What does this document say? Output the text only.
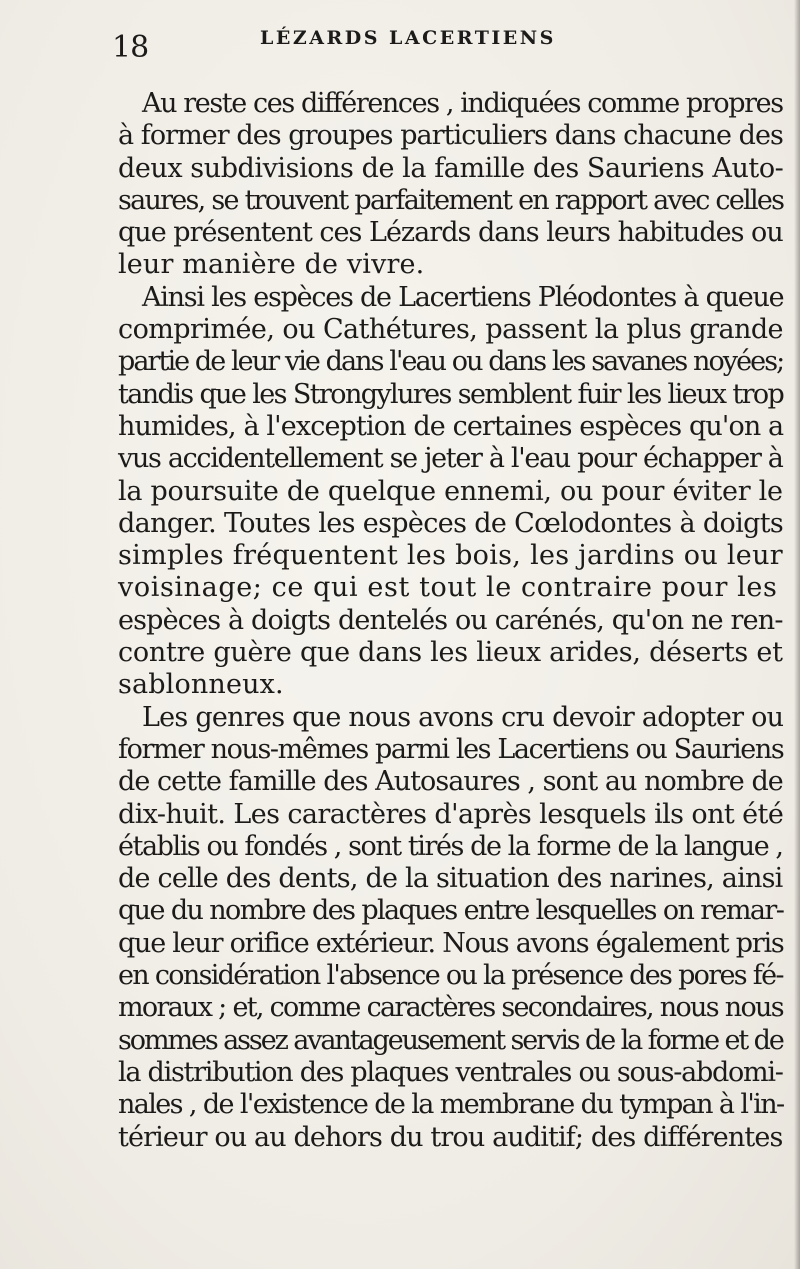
18	LÉZARDS LACERTIENS
Au reste ces différences , indiquées comme propres
à former des groupes particuliers dans chacune des
deux subdivisions de la famille des Sauriens Auto-
saures, se trouvent parfaitement en rapport avec celles
que présentent ces Lézards dans leurs habitudes ou
leur manière de vivre.
Ainsi les espèces de Lacertiens Pléodontes à queue
comprimée, ou Cathétures, passent la plus grande
partie de leur vie dans l'eau ou dans les savanes noyées;
tandis que les Strongylures semblent fuir les lieux trop
humides, à l'exception de certaines espèces qu'on a
vus accidentellement se jeter à l'eau pour échapper à
la poursuite de quelque ennemi, ou pour éviter le
danger. Toutes les espèces de Cœlodontes à doigts
simples fréquentent les bois, les jardins ou leur
voisinage; ce qui est tout le contraire pour les
espèces à doigts dentelés ou carénés, qu'on ne ren-
contre guère que dans les lieux arides, déserts et
sablonneux.
Les genres que nous avons cru devoir adopter ou
former nous-mêmes parmi les Lacertiens ou Sauriens
de cette famille des Autosaures , sont au nombre de
dix-huit. Les caractères d'après lesquels ils ont été
établis ou fondés , sont tirés de la forme de la langue ,
de celle des dents, de la situation des narines, ainsi
que du nombre des plaques entre lesquelles on remar-
que leur orifice extérieur. Nous avons également pris
en considération l'absence ou la présence des pores fé-
moraux ; et, comme caractères secondaires, nous nous
sommes assez avantageusement servis de la forme et de
la distribution des plaques ventrales ou sous-abdomi-
nales , de l'existence de la membrane du tympan à l'in-
térieur ou au dehors du trou auditif; des différentes
